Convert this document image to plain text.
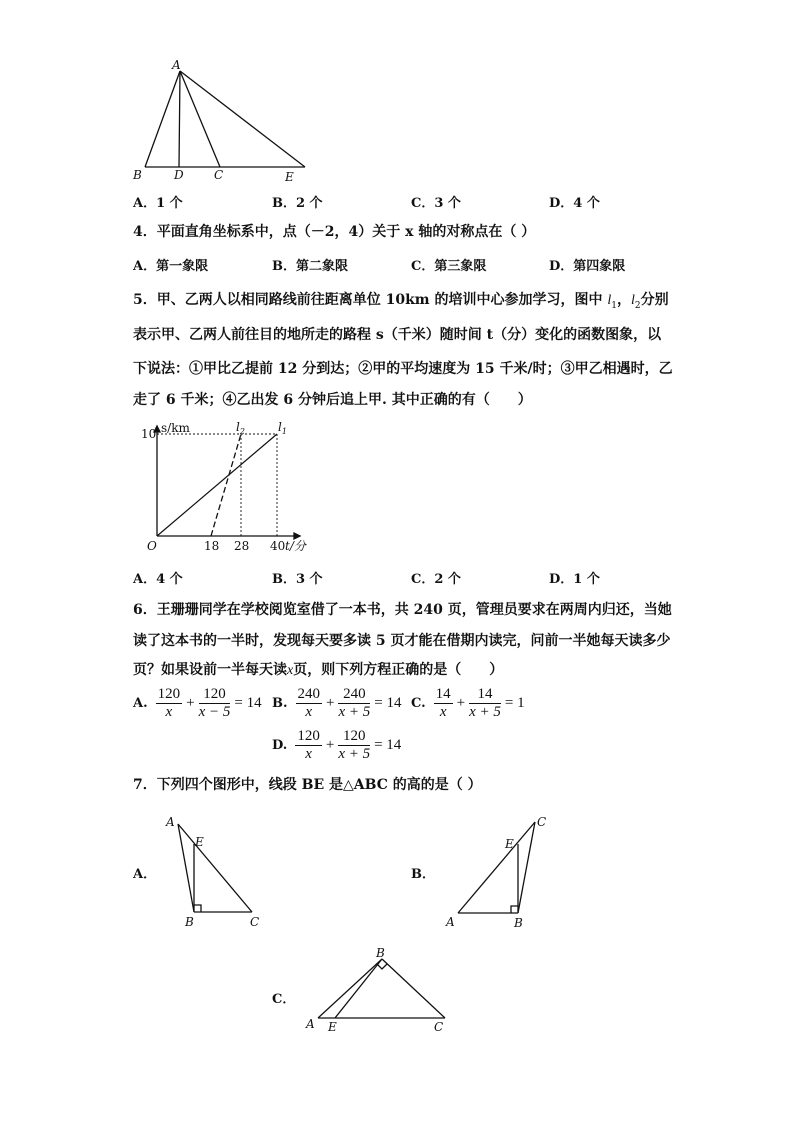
A
B	D	C	E
A．1 个	B．2 个	C．3 个	D．4 个
4．平面直角坐标系中，点（－2，4）关于 x 轴的对称点在（ ）
A．第一象限	B．第二象限	C．第三象限	D．第四象限
5．甲、乙两人以相同路线前往距离单位 10km 的培训中心参加学习，图中 $l_1$，$l_2$分别
表示甲、乙两人前往目的地所走的路程 s（千米）随时间 t（分）变化的函数图象，以
下说法：①甲比乙提前 12 分到达；②甲的平均速度为 15 千米/时；③甲乙相遇时，乙
走了 6 千米；④乙出发 6 分钟后追上甲. 其中正确的有（　　）
$l_1$
$l_2$
10
18 28 40
O
s/km
t/分
A．4 个	B．3 个	C．2 个	D．1 个
6．王珊珊同学在学校阅览室借了一本书，共 240 页，管理员要求在两周内归还，当她
读了这本书的一半时，发现每天要多读 5 页才能在借期内读完，问前一半她每天读多少
页？如果设前一半每天读x页，则下列方程正确的是（　　）
A. $\frac{120}{x} + \frac{120}{x - 5} = 14$ B. $\frac{240}{x} + \frac{240}{x + 5} = 14$ C. $\frac{14}{x} + \frac{14}{x + 5} = 1$
D. $\frac{120}{x} + \frac{120}{x + 5} = 14$
7．下列四个图形中，线段 BE 是△ABC 的高的是（ ）
A．
A
E
B	C
B．
C
E
A	B
C．
B
A E	C
